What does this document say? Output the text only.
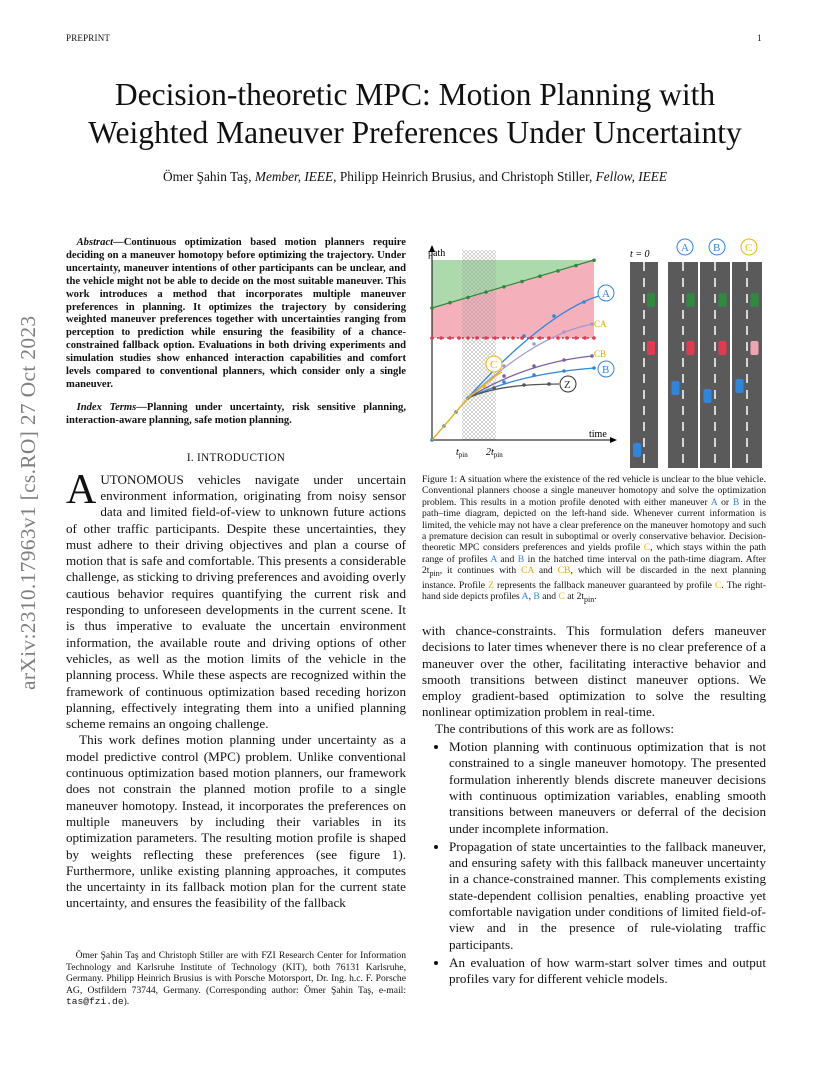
PREPRINT	1
arXiv:2310.17963v1 [cs.RO] 27 Oct 2023
Decision-theoretic MPC: Motion Planning with Weighted Maneuver Preferences Under Uncertainty
Ömer Şahin Taş, Member, IEEE, Philipp Heinrich Brusius, and Christoph Stiller, Fellow, IEEE

Abstract—Continuous optimization based motion planners require deciding on a maneuver homotopy before optimizing the trajectory. Under uncertainty, maneuver intentions of other participants can be unclear, and the vehicle might not be able to decide on the most suitable maneuver. This work introduces a method that incorporates multiple maneuver preferences in planning. It optimizes the trajectory by considering weighted maneuver preferences together with uncertainties ranging from perception to prediction while ensuring the feasibility of a chance-constrained fallback option. Evaluations in both driving experiments and simulation studies show enhanced interaction capabilities and comfort levels compared to conventional planners, which consider only a single maneuver.

Index Terms—Planning under uncertainty, risk sensitive planning, interaction-aware planning, safe motion planning.

I. INTRODUCTION

AUTONOMOUS vehicles navigate under uncertain environment information, originating from noisy sensor data and limited field-of-view to unknown future actions of other traffic participants. Despite these uncertainties, they must adhere to their driving objectives and plan a course of motion that is safe and comfortable. This presents a considerable challenge, as sticking to driving preferences and avoiding overly cautious behavior requires quantifying the current risk and responding to unforeseen developments in the current scene. It is thus imperative to evaluate the uncertain environment information, the available route and driving options of other vehicles, as well as the motion limits of the vehicle in the planning process. While these aspects are recognized within the framework of continuous optimization based receding horizon planning, effectively integrating them into a unified planning scheme remains an ongoing challenge.

This work defines motion planning under uncertainty as a model predictive control (MPC) problem. Unlike conventional continuous optimization based motion planners, our framework does not constrain the planned motion profile to a single maneuver homotopy. Instead, it incorporates the preferences on multiple maneuvers by including their variables in its optimization parameters. The resulting motion profile is shaped by weights reflecting these preferences (see figure 1). Furthermore, unlike existing planning approaches, it computes the uncertainty in its fallback motion plan for the current state uncertainty, and ensures the feasibility of the fallback

Ömer Şahin Taş and Christoph Stiller are with FZI Research Center for Information Technology and Karlsruhe Institute of Technology (KIT), both 76131 Karlsruhe, Germany. Philipp Heinrich Brusius is with Porsche Motorsport, Dr. Ing. h.c. F. Porsche AG, Ostfildern 73744, Germany. (Corresponding author: Ömer Şahin Taş, e-mail: tas@fzi.de).
path
time
A
CA
CB
B
C
Z
$t_{pin}$ $2t_{pin}$
t = 0
A B C
Figure 1: A situation where the existence of the red vehicle is unclear to the blue vehicle. Conventional planners choose a single maneuver homotopy and solve the optimization problem. This results in a motion profile denoted with either maneuver A or B in the path–time diagram, depicted on the left-hand side. Whenever current information is limited, the vehicle may not have a clear preference on the maneuver homotopy and such a premature decision can result in suboptimal or overly conservative behavior. Decision-theoretic MPC considers preferences and yields profile C, which stays within the path range of profiles A and B in the hatched time interval on the path-time diagram. After $2t_{pin}$, it continues with CA and CB, which will be discarded in the next planning instance. Profile Z represents the fallback maneuver guaranteed by profile C. The right-hand side depicts profiles A, B and C at $2t_{pin}$.

with chance-constraints. This formulation defers maneuver decisions to later times whenever there is no clear preference of a maneuver over the other, facilitating interactive behavior and smooth transitions between distinct maneuver options. We employ gradient-based optimization to solve the resulting nonlinear optimization problem in real-time.

The contributions of this work are as follows:

• Motion planning with continuous optimization that is not constrained to a single maneuver homotopy. The presented formulation inherently blends discrete maneuver decisions with continuous optimization variables, enabling smooth transitions between maneuvers or deferral of the decision under incomplete information.
• Propagation of state uncertainties to the fallback maneuver, and ensuring safety with this fallback maneuver uncertainty in a chance-constrained manner. This complements existing state-dependent collision penalties, enabling proactive yet comfortable navigation under conditions of limited field-of-view and in the presence of rule-violating traffic participants.
• An evaluation of how warm-start solver times and output profiles vary for different vehicle models.
